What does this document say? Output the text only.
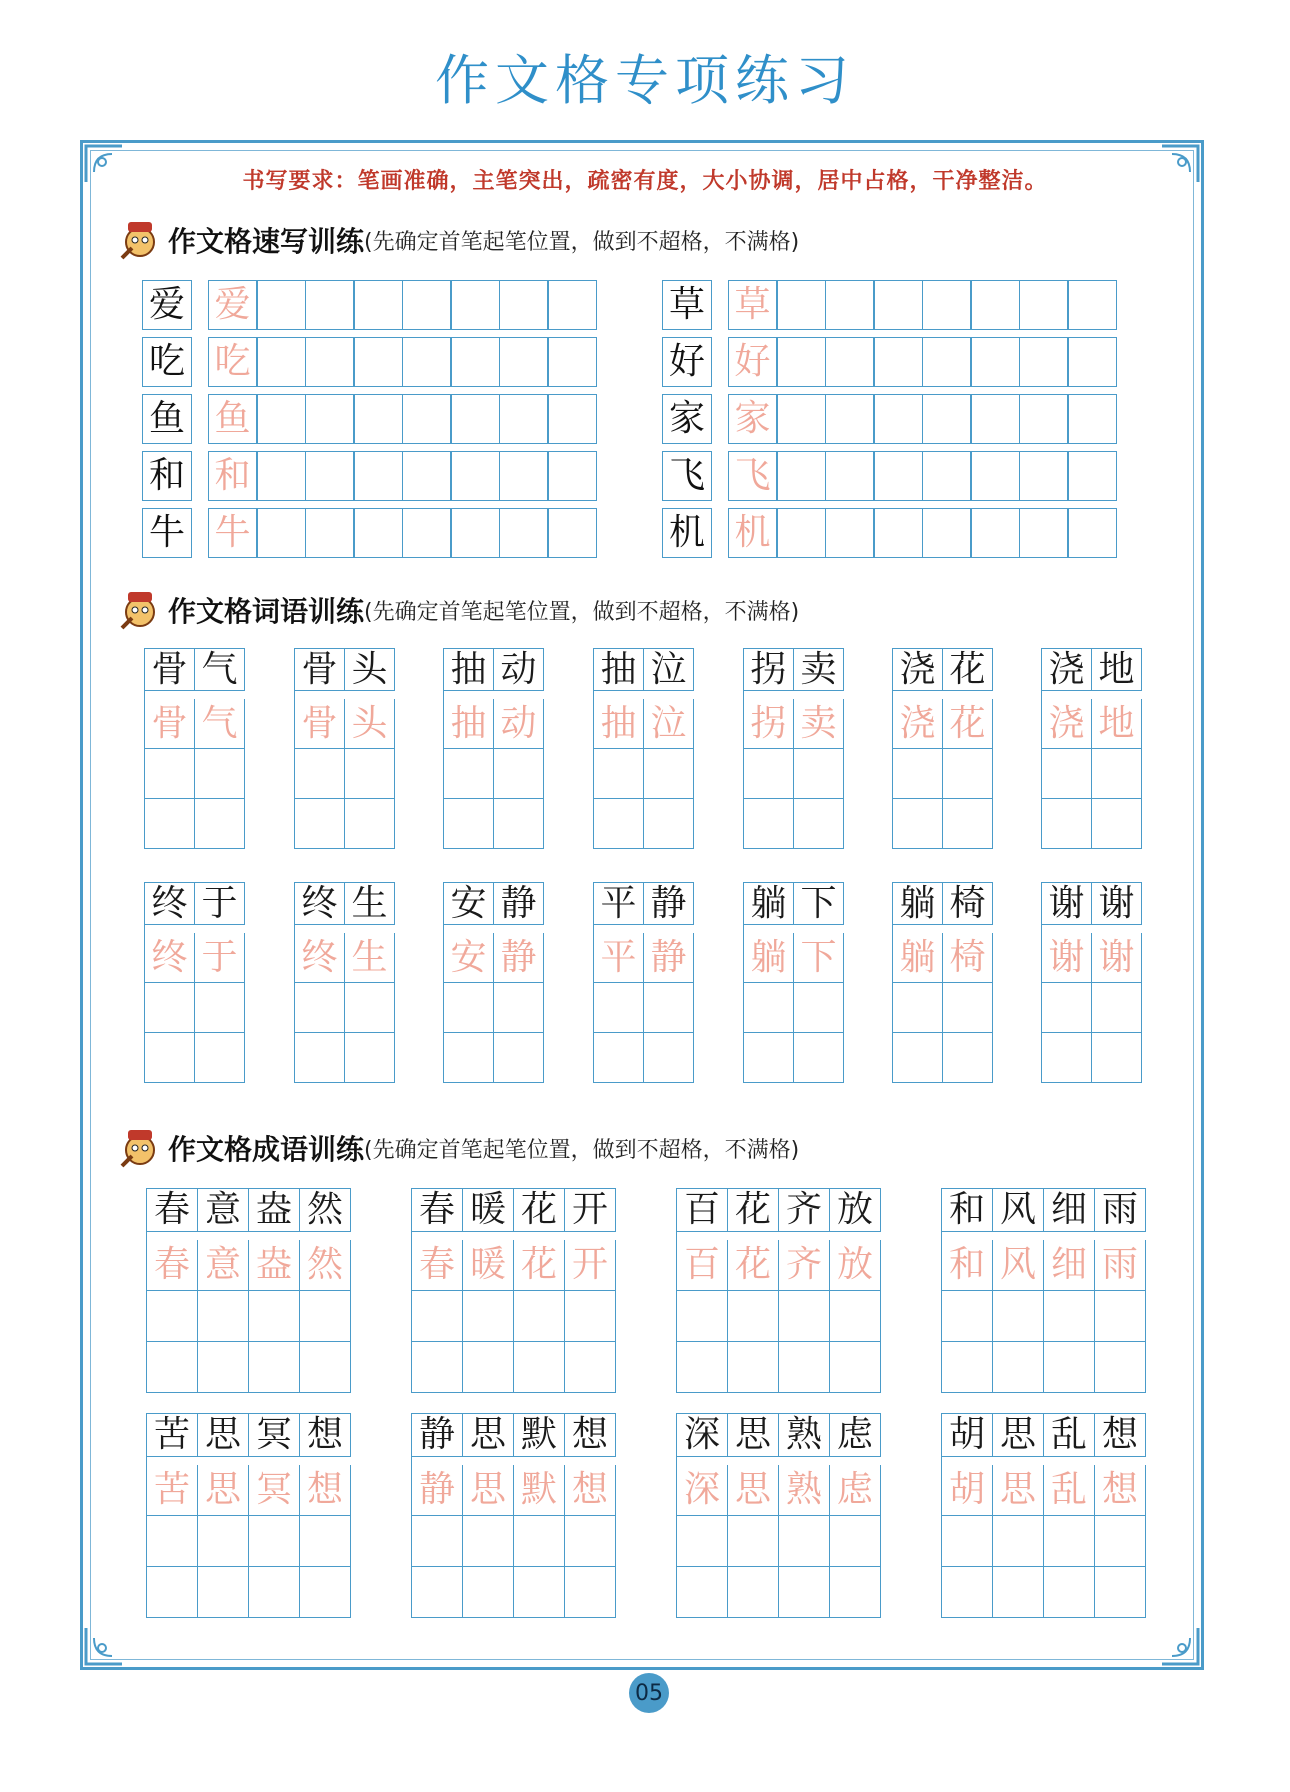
作文格专项练习
书写要求：笔画准确，主笔突出，疏密有度，大小协调，居中占格，干净整洁。
作文格速写训练 (先确定首笔起笔位置，做到不超格，不满格)
爱 爱
吃 吃
鱼 鱼
和 和
牛 牛
草 草
好 好
家 家
飞 飞
机 机
作文格词语训练 (先确定首笔起笔位置，做到不超格，不满格)
骨 气
骨 气
骨 头
骨 头
抽 动
抽 动
抽 泣
抽 泣
拐 卖
拐 卖
浇 花
浇 花
浇 地
浇 地
终 于
终 于
终 生
终 生
安 静
安 静
平 静
平 静
躺 下
躺 下
躺 椅
躺 椅
谢 谢
谢 谢
作文格成语训练 (先确定首笔起笔位置，做到不超格，不满格)
春 意 盎 然
春 意 盎 然
春 暖 花 开
春 暖 花 开
百 花 齐 放
百 花 齐 放
和 风 细 雨
和 风 细 雨
苦 思 冥 想
苦 思 冥 想
静 思 默 想
静 思 默 想
深 思 熟 虑
深 思 熟 虑
胡 思 乱 想
胡 思 乱 想
05
